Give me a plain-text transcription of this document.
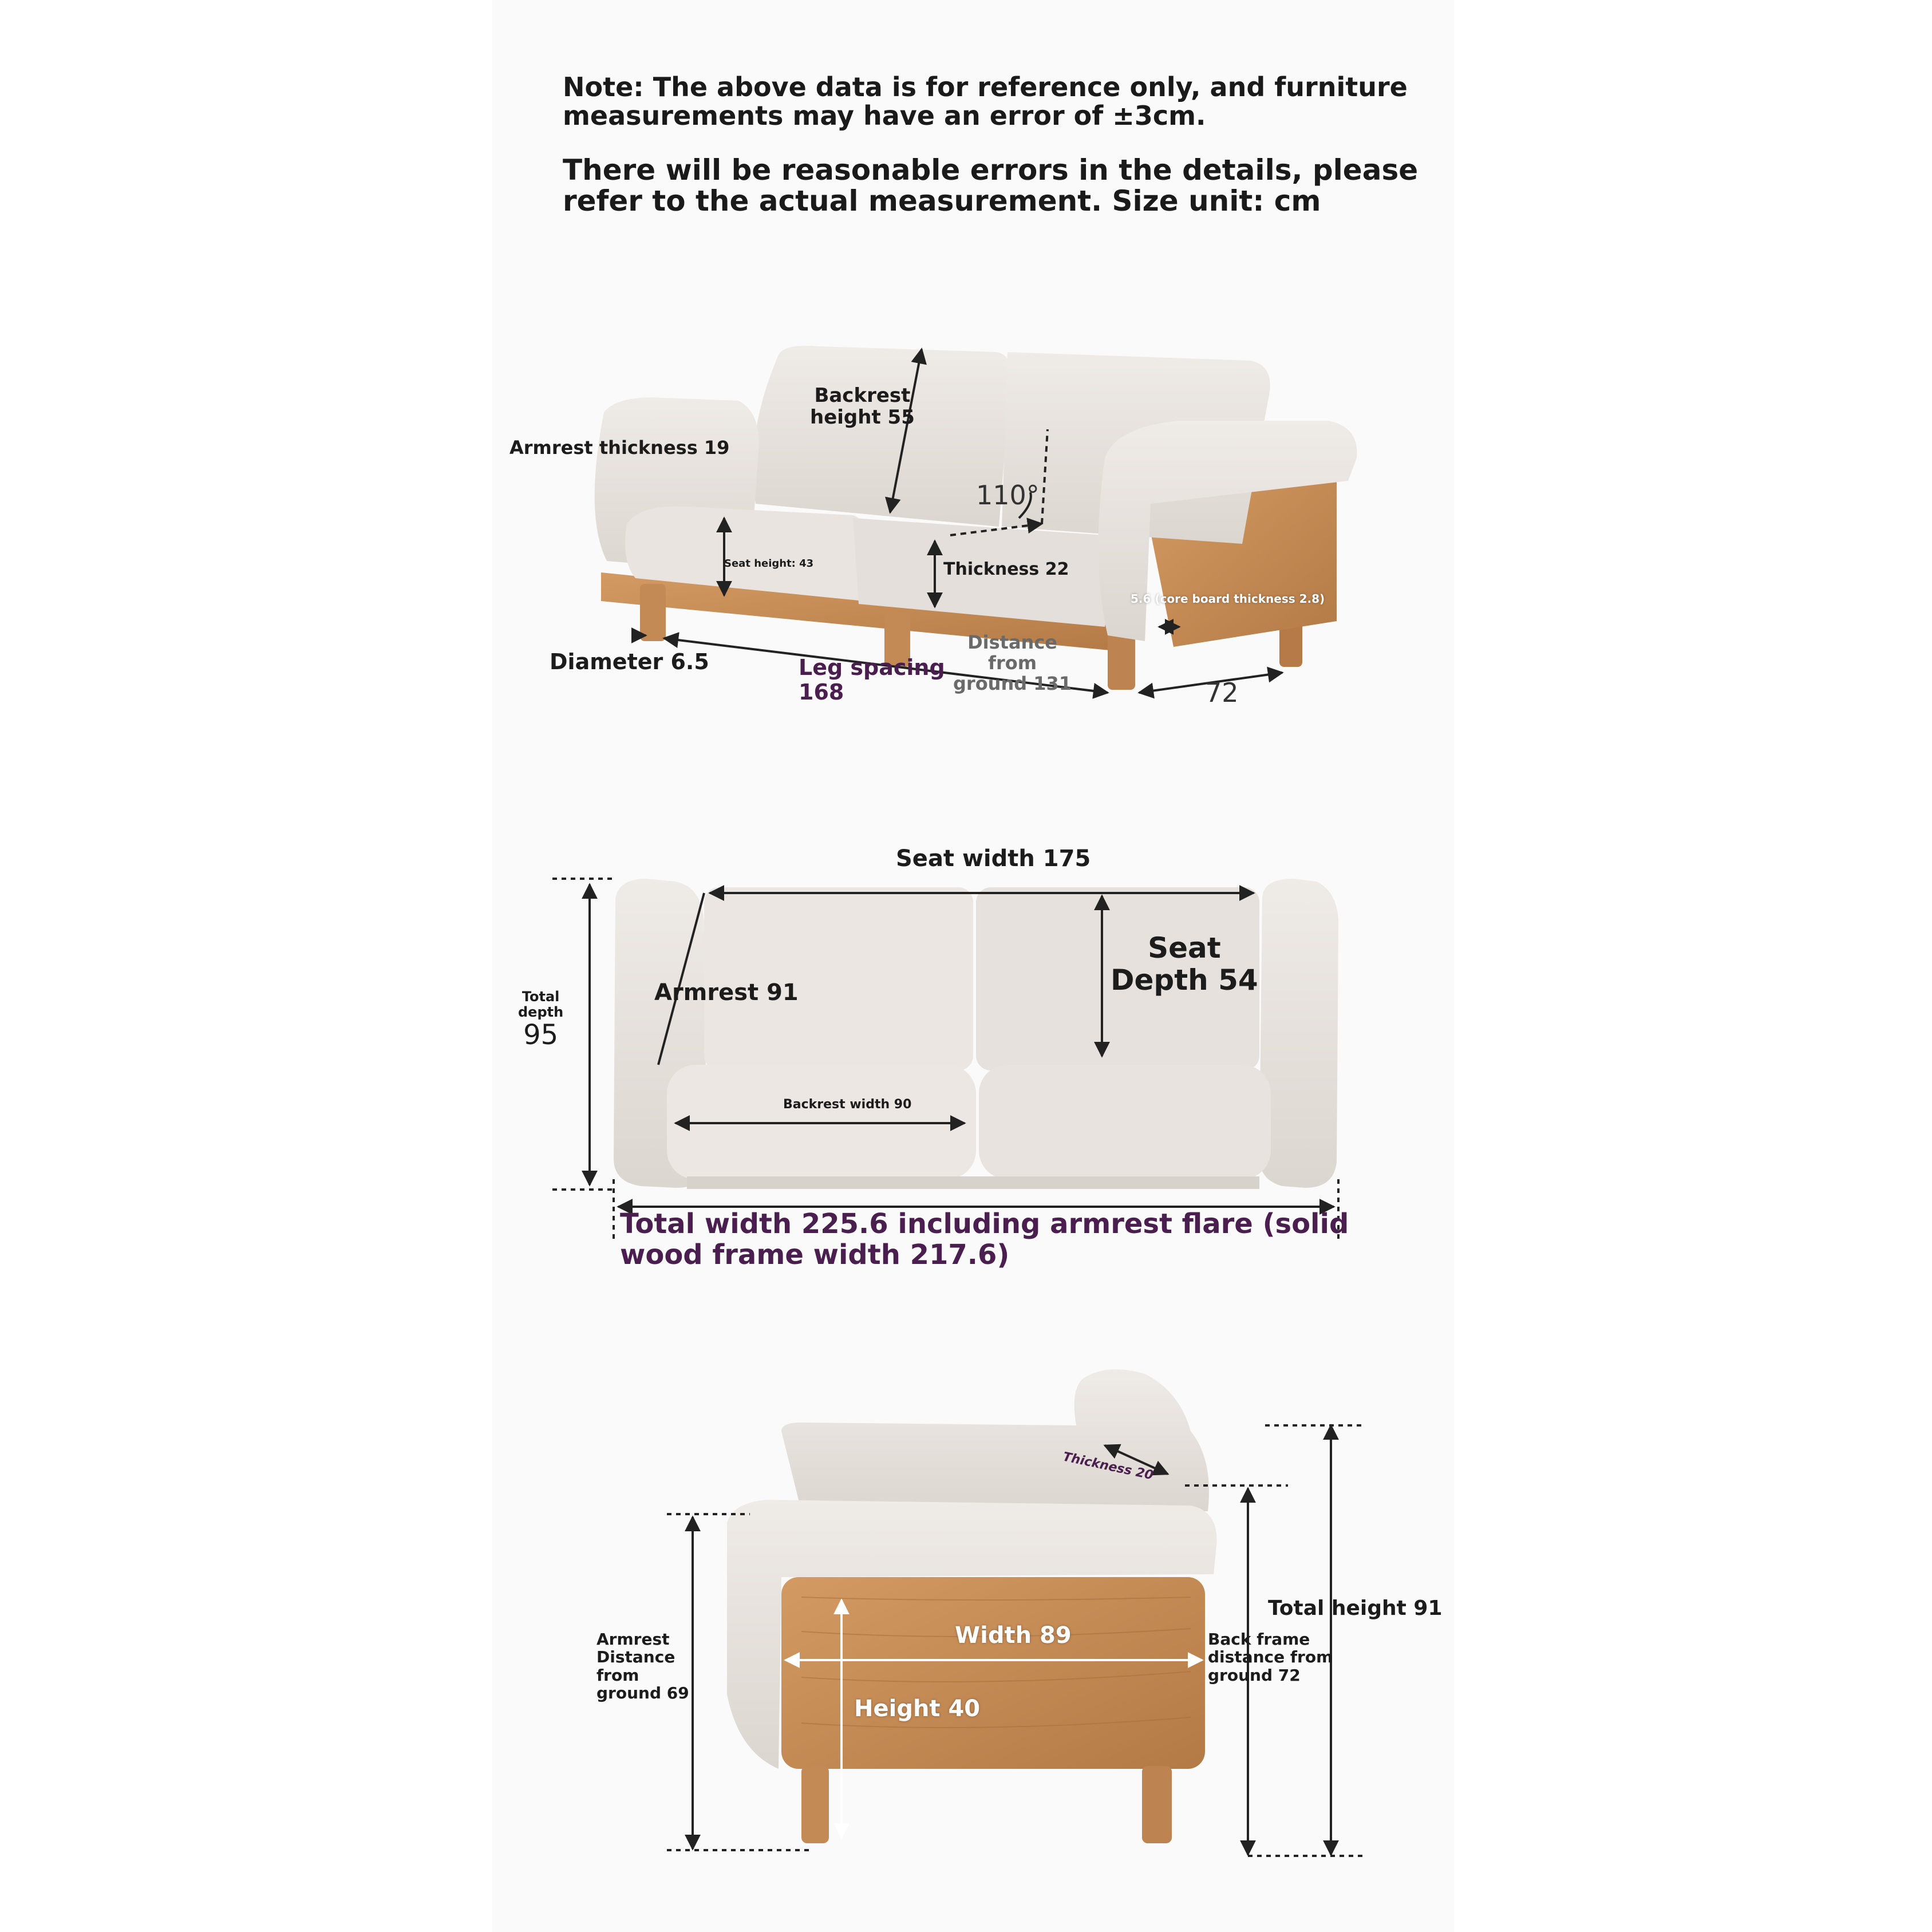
Note: The above data is for reference only, and furniture
measurements may have an error of ±3cm.
There will be reasonable errors in the details, please
refer to the actual measurement. Size unit: cm
Backrest
height 55
Armrest thickness 19
110°
Seat height: 43	Thickness 22
5.6 (core board thickness 2.8)
Diameter 6.5	Leg spacing
168
Distance
from
ground 131	72
Seat width 175
Seat
Depth 54
Armrest 91
Total
depth
95
Backrest width 90
Total width 225.6 including armrest flare (solid
wood frame width 217.6)
Thickness 20
Total height 91
Width 89
Height 40
Back frame
distance from
ground 72
Armrest
Distance
from
ground 69
